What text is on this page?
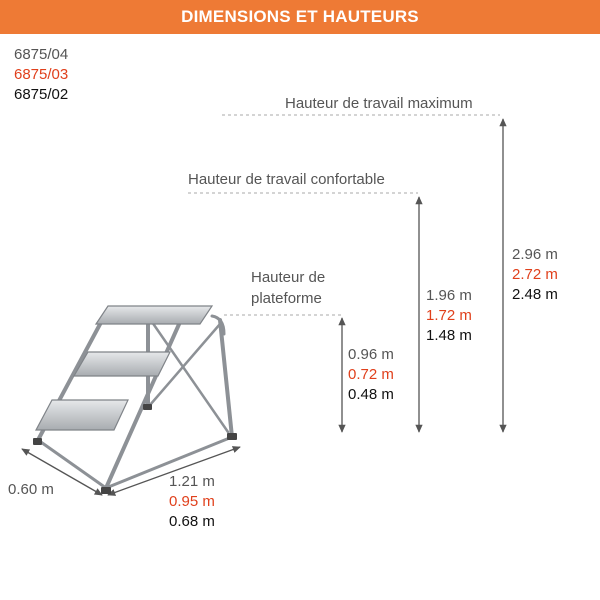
DIMENSIONS ET HAUTEURS
6875/04
6875/03
6875/02
Hauteur de travail maximum
Hauteur de travail confortable
Hauteur de
plateforme
2.96 m
2.72 m
2.48 m
1.96 m
1.72 m
1.48 m
0.96 m
0.72 m
0.48 m
0.60 m	1.21 m
0.95 m
0.68 m
